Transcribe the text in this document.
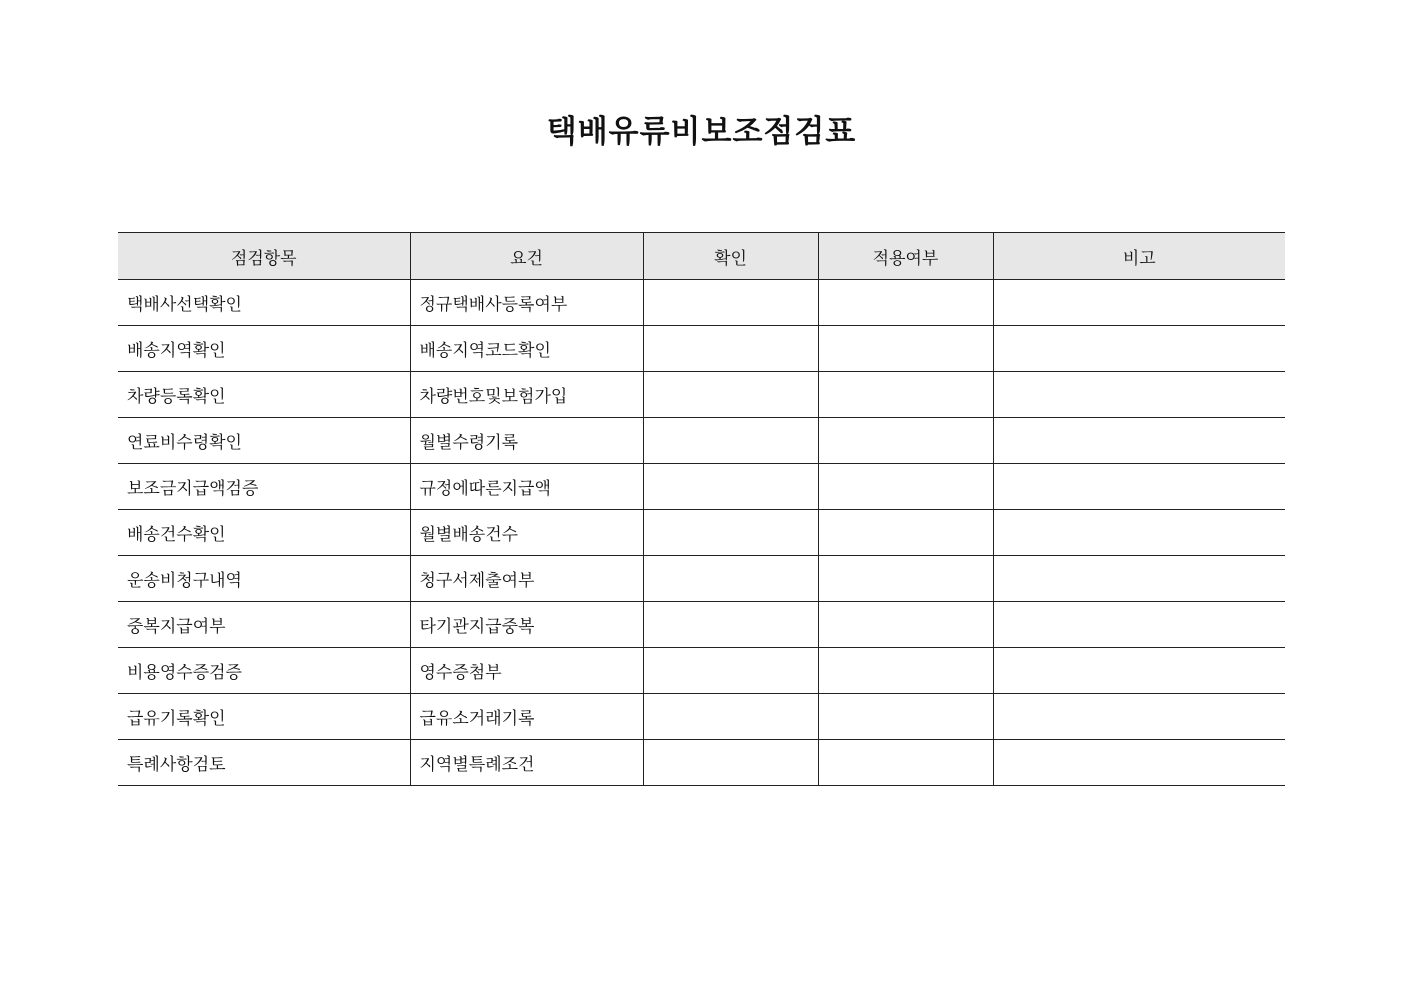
택배유류비보조점검표
점검항목	요건	확인	적용여부	비고
택배사선택확인	정규택배사등록여부			
배송지역확인	배송지역코드확인			
차량등록확인	차량번호및보험가입			
연료비수령확인	월별수령기록			
보조금지급액검증	규정에따른지급액			
배송건수확인	월별배송건수			
운송비청구내역	청구서제출여부			
중복지급여부	타기관지급중복			
비용영수증검증	영수증첨부			
급유기록확인	급유소거래기록			
특례사항검토	지역별특례조건			
